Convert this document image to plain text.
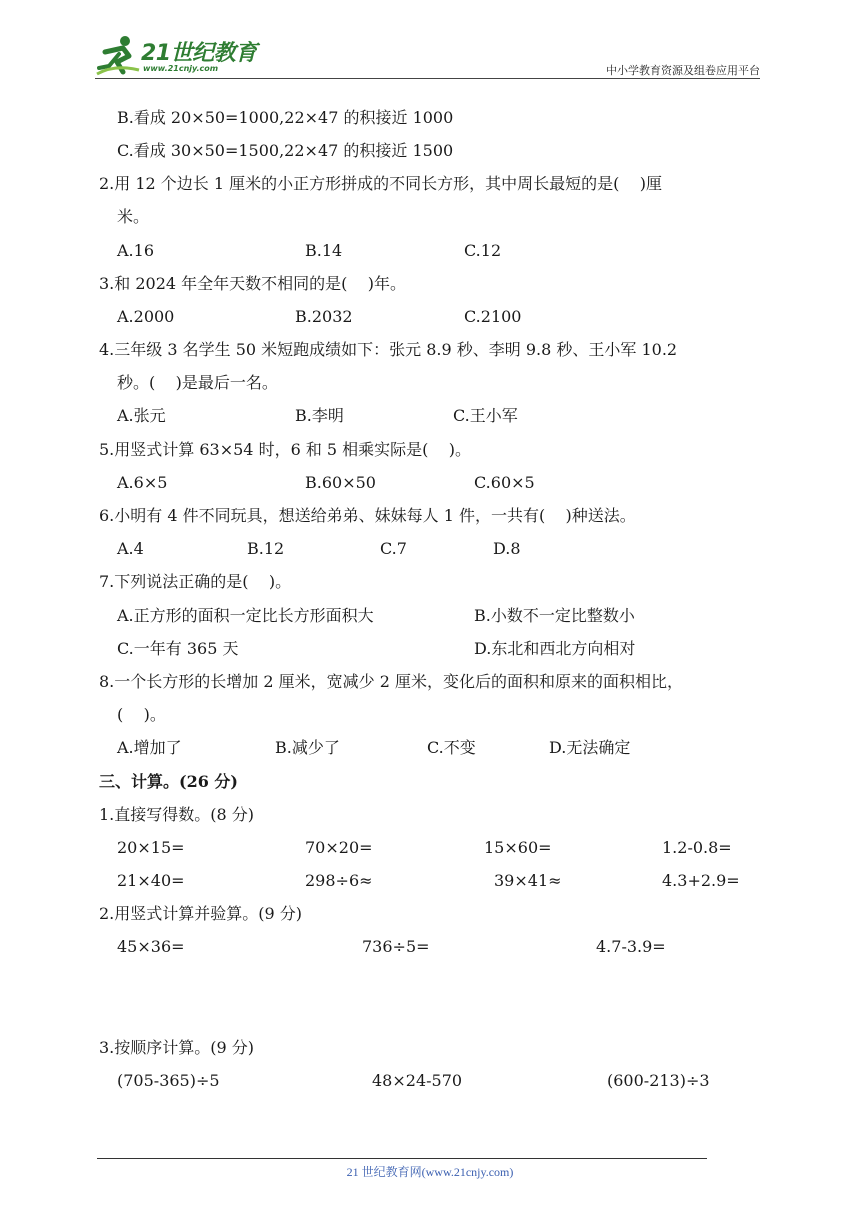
21世纪教育
www.21cnjy.com	中小学教育资源及组卷应用平台
B.看成 20×50=1000,22×47 的积接近 1000
C.看成 30×50=1500,22×47 的积接近 1500
2.用 12 个边长 1 厘米的小正方形拼成的不同长方形，其中周长最短的是(    )厘
米。
A.16	B.14	C.12
3.和 2024 年全年天数不相同的是(    )年。
A.2000	B.2032	C.2100
4.三年级 3 名学生 50 米短跑成绩如下：张元 8.9 秒、李明 9.8 秒、王小军 10.2
秒。(    )是最后一名。
A.张元	B.李明	C.王小军
5.用竖式计算 63×54 时，6 和 5 相乘实际是(    )。
A.6×5	B.60×50	C.60×5
6.小明有 4 件不同玩具，想送给弟弟、妹妹每人 1 件，一共有(    )种送法。
A.4	B.12	C.7	D.8
7.下列说法正确的是(    )。
A.正方形的面积一定比长方形面积大	B.小数不一定比整数小
C.一年有 365 天	D.东北和西北方向相对
8.一个长方形的长增加 2 厘米，宽减少 2 厘米，变化后的面积和原来的面积相比，
(    )。
A.增加了	B.减少了	C.不变	D.无法确定
三、计算。(26 分)
1.直接写得数。(8 分)
20×15=	70×20=	15×60=	1.2-0.8=
21×40=	298÷6≈	39×41≈	4.3+2.9=
2.用竖式计算并验算。(9 分)
45×36=	736÷5=	4.7-3.9=
3.按顺序计算。(9 分)
(705-365)÷5	48×24-570	(600-213)÷3
21 世纪教育网(www.21cnjy.com)
